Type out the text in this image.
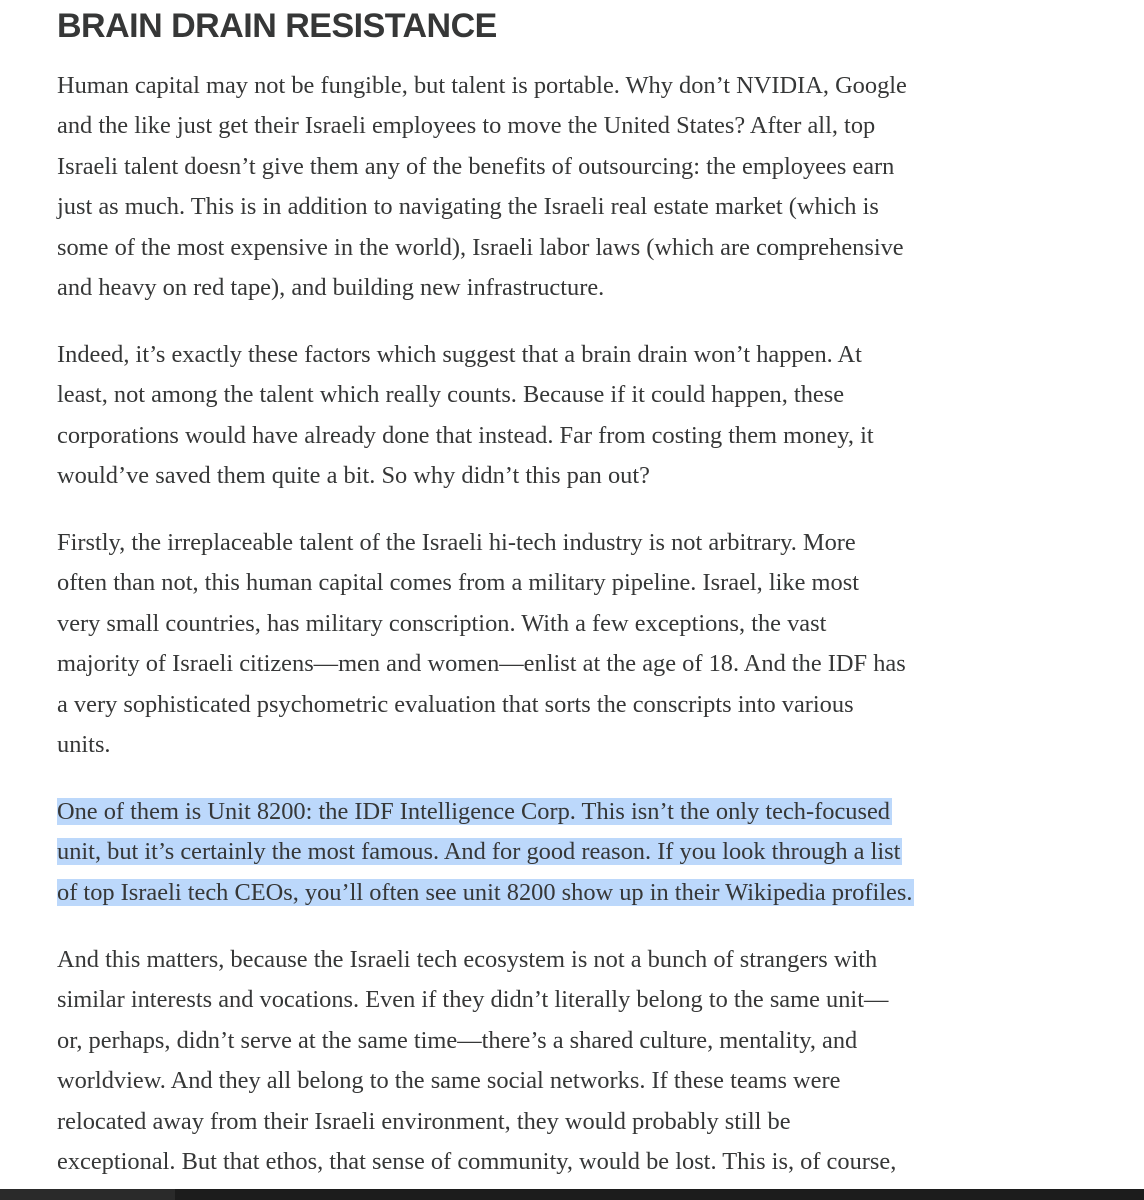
BRAIN DRAIN RESISTANCE

Human capital may not be fungible, but talent is portable. Why don’t NVIDIA, Google
and the like just get their Israeli employees to move the United States? After all, top
Israeli talent doesn’t give them any of the benefits of outsourcing: the employees earn
just as much. This is in addition to navigating the Israeli real estate market (which is
some of the most expensive in the world), Israeli labor laws (which are comprehensive
and heavy on red tape), and building new infrastructure.

Indeed, it’s exactly these factors which suggest that a brain drain won’t happen. At
least, not among the talent which really counts. Because if it could happen, these
corporations would have already done that instead. Far from costing them money, it
would’ve saved them quite a bit. So why didn’t this pan out?

Firstly, the irreplaceable talent of the Israeli hi-tech industry is not arbitrary. More
often than not, this human capital comes from a military pipeline. Israel, like most
very small countries, has military conscription. With a few exceptions, the vast
majority of Israeli citizens—men and women—enlist at the age of 18. And the IDF has
a very sophisticated psychometric evaluation that sorts the conscripts into various
units.

One of them is Unit 8200: the IDF Intelligence Corp. This isn’t the only tech-focused
unit, but it’s certainly the most famous. And for good reason. If you look through a list
of top Israeli tech CEOs, you’ll often see unit 8200 show up in their Wikipedia profiles.

And this matters, because the Israeli tech ecosystem is not a bunch of strangers with
similar interests and vocations. Even if they didn’t literally belong to the same unit—
or, perhaps, didn’t serve at the same time—there’s a shared culture, mentality, and
worldview. And they all belong to the same social networks. If these teams were
relocated away from their Israeli environment, they would probably still be
exceptional. But that ethos, that sense of community, would be lost. This is, of course,
